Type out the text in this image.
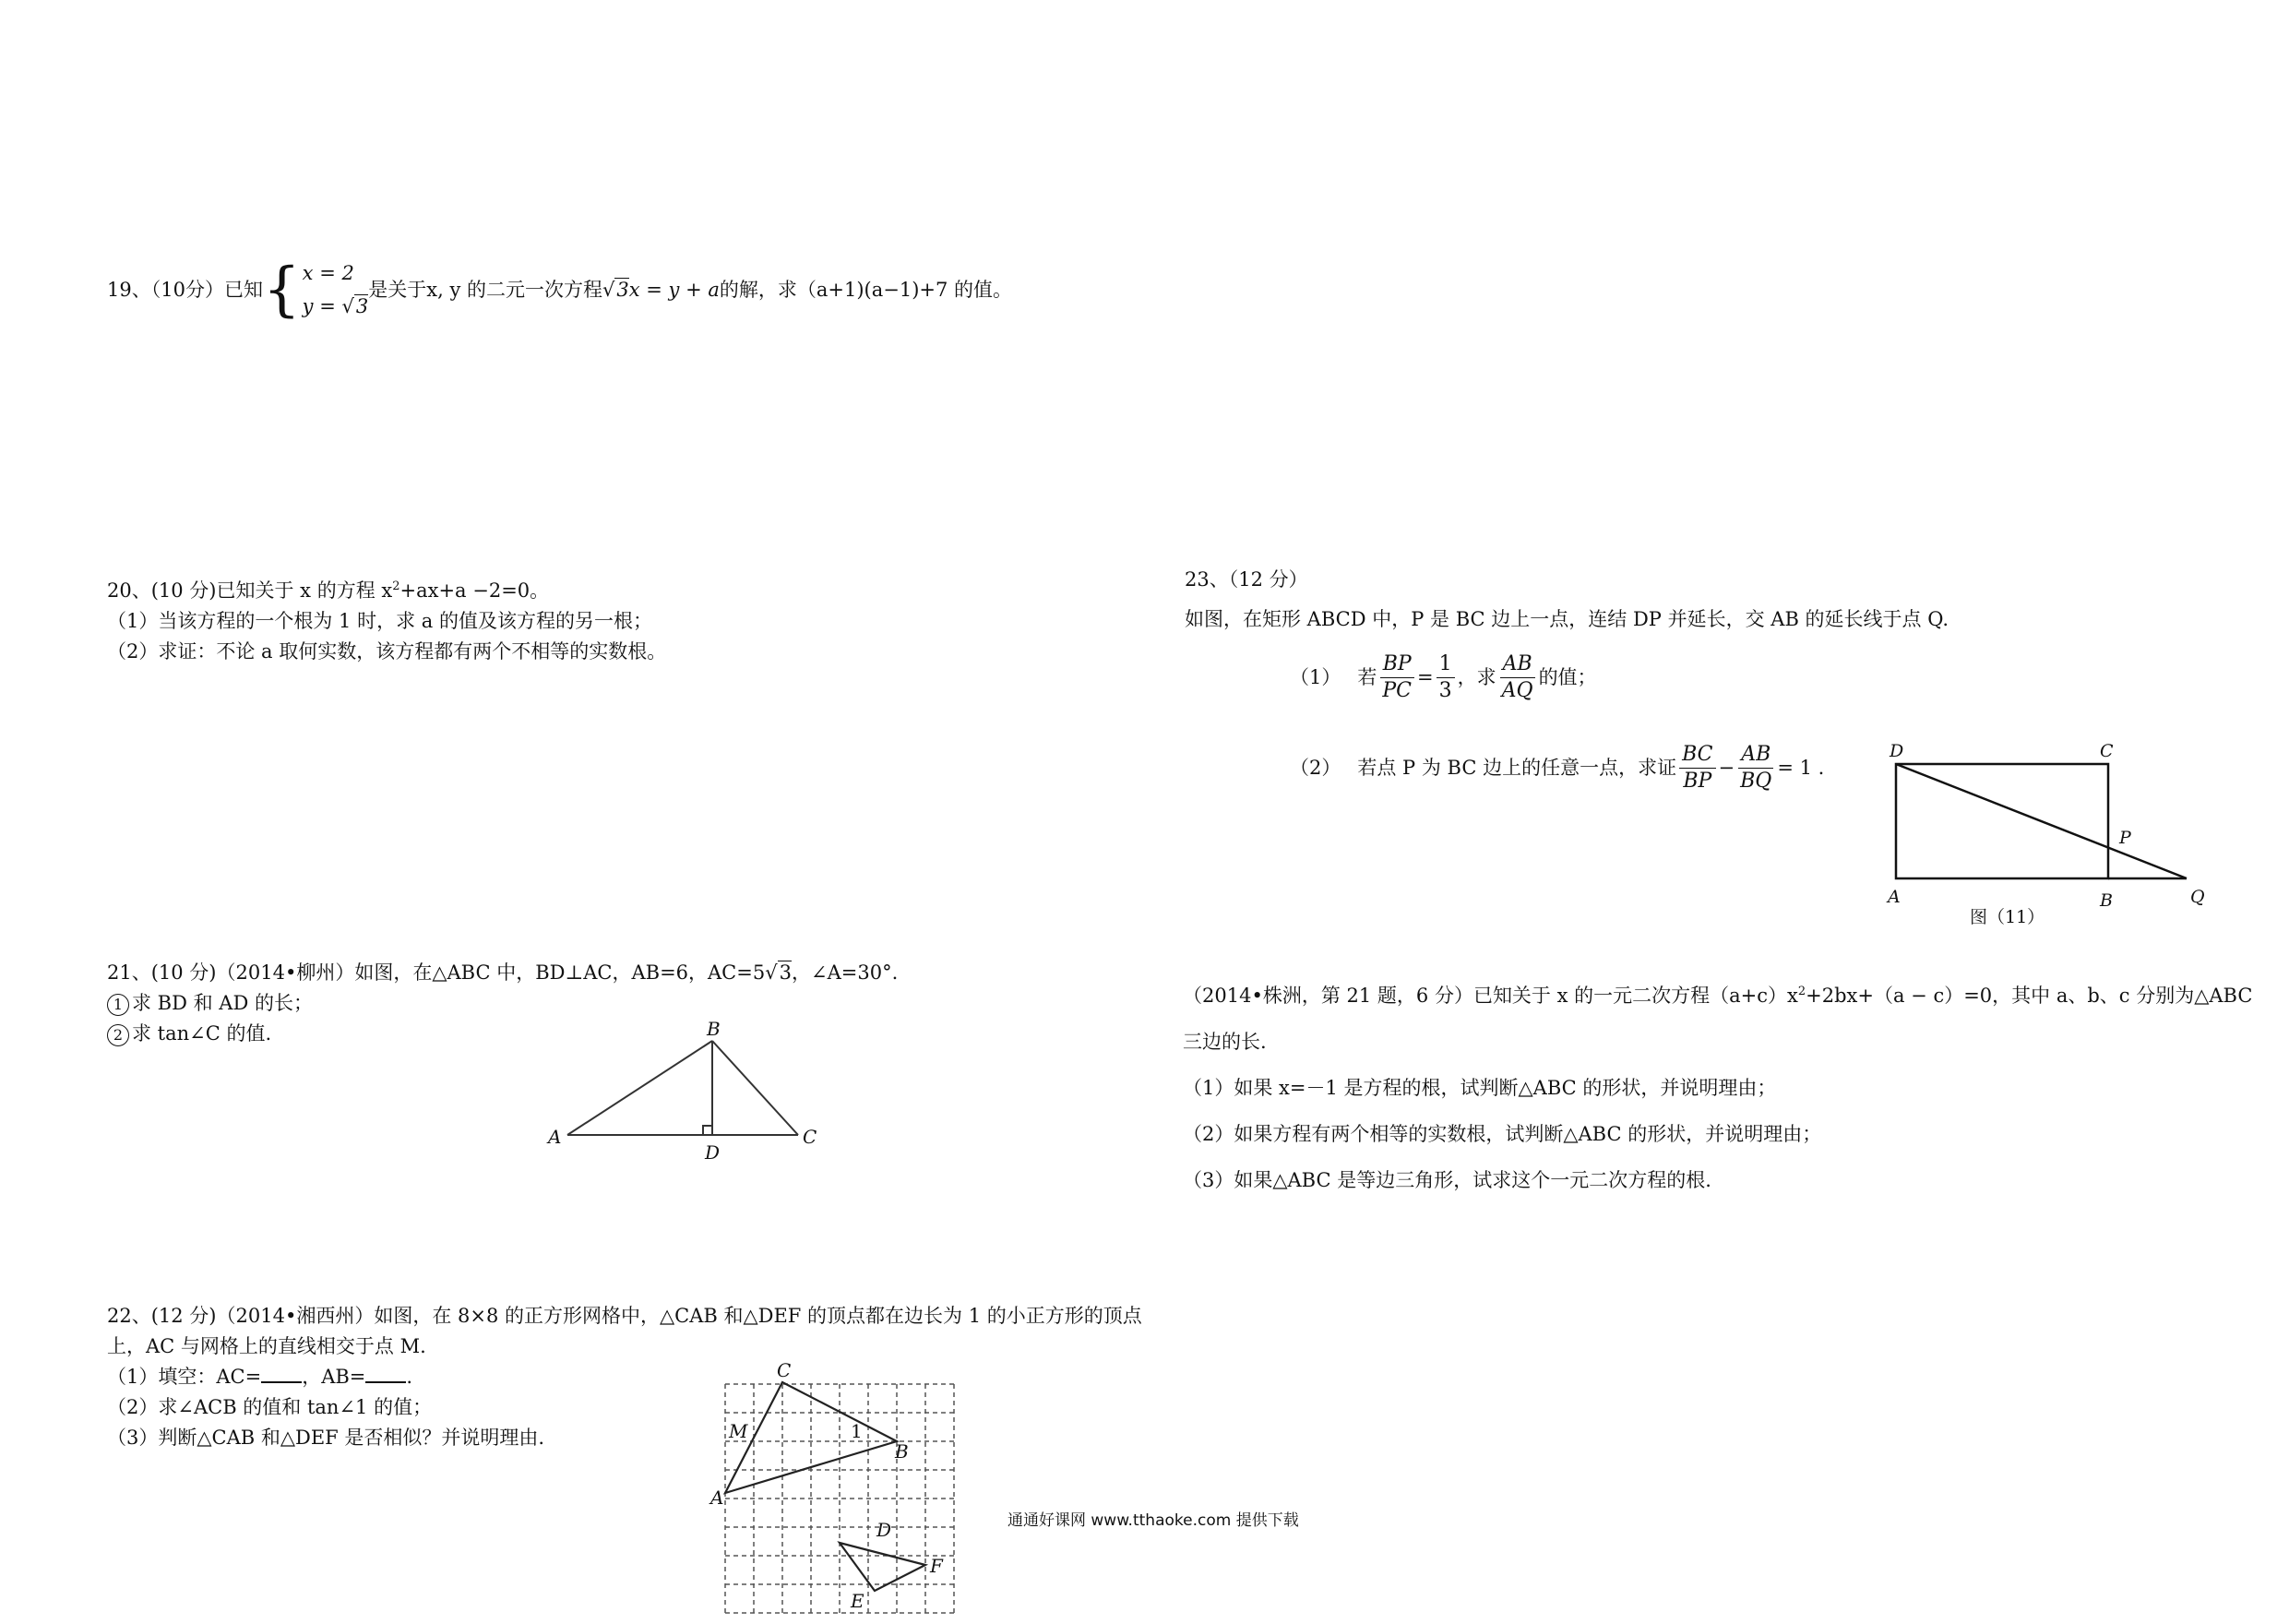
19、（10分）已知 { x = 2
y = √3
是关于x, y 的二元一次方程 √3x = y + a 的解，求（a+1)(a−1)+7 的值。
20、(10 分)已知关于 x 的方程 $x^2+ax+a -2=0$。
（1）当该方程的一个根为 1 时，求 a 的值及该方程的另一根；
（2）求证：不论 a 取何实数，该方程都有两个不相等的实数根。
21、(10 分)（2014•柳州）如图，在△ABC 中，BD⊥AC，AB=6，AC=5√3，∠A=30°.
1 求 BD 和 AD 的长；
2 求 tan∠C 的值.
A
B
C
D
22、(12 分)（2014•湘西州）如图，在 8×8 的正方形网格中，△CAB 和△DEF 的顶点都在边长为 1 的小正方形的顶点
上，AC 与网格上的直线相交于点 M.
（1）填空：AC= ，AB= .
（2）求∠ACB 的值和 tan∠1 的值；
（3）判断△CAB 和△DEF 是否相似？并说明理由.
C
M	1
B
A
D
F
E
23、（12 分）
如图，在矩形 ABCD 中，P 是 BC 边上一点，连结 DP 并延长，交 AB 的延长线于点 Q.
（1） 若 $\frac{BP}{PC} = \frac{1}{3}$ ，求 $\frac{AB}{AQ}$ 的值；
（2） 若点 P 为 BC 边上的任意一点，求证 $\frac{BC}{BP} - \frac{AB}{BQ} = 1$ .
D	C
P
A	B	Q
图（11）
（2014•株洲，第 21 题，6 分）已知关于 x 的一元二次方程$(a+c)x^2+2bx+(a - c)=0$，其中 a、b、c 分别为△ABC
三边的长.
（1）如果 x=－1 是方程的根，试判断△ABC 的形状，并说明理由；
（2）如果方程有两个相等的实数根，试判断△ABC 的形状，并说明理由；
（3）如果△ABC 是等边三角形，试求这个一元二次方程的根.
通通好课网 www.tthaoke.com 提供下载
